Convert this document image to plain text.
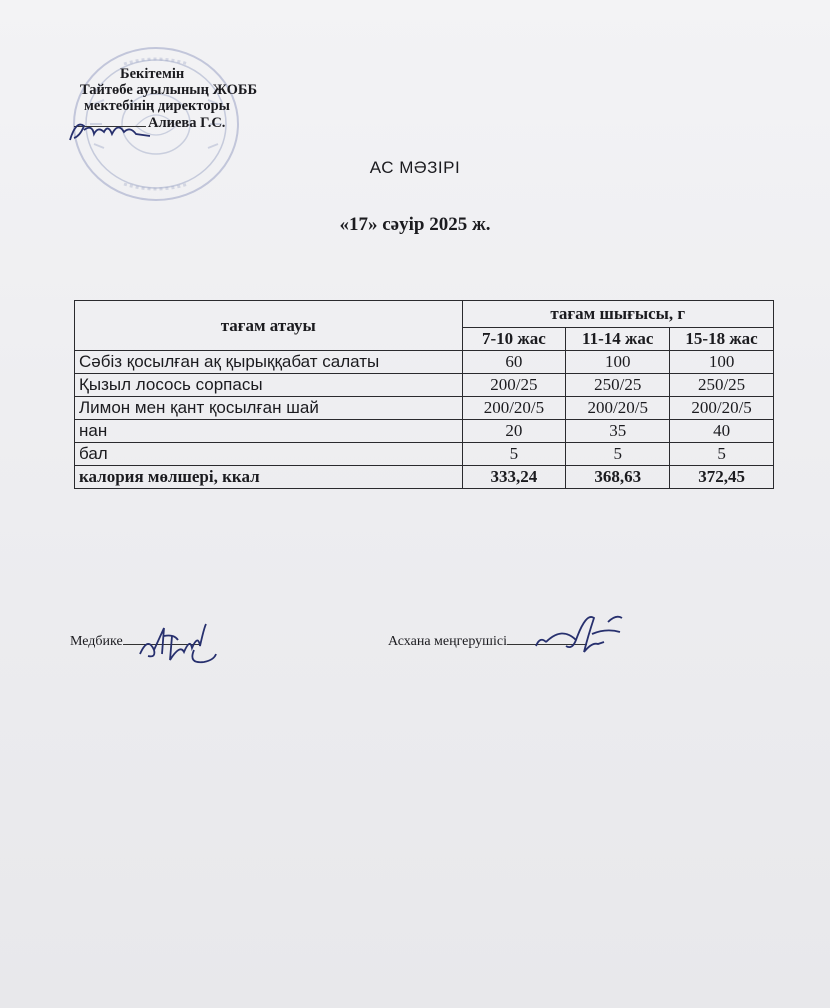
Бекітемін
Тайтөбе ауылының ЖОББ
мектебінің директоры
Алиева Г.С.
АС МӘЗІРІ
«17» сәуір 2025 ж.
тағам атауы	тағам шығысы, г		
	7-10 жас	11-14 жас	15-18 жас
Сәбіз қосылған ақ қырыққабат салаты	60	100	100
Қызыл лосось сорпасы	200/25	250/25	250/25
Лимон мен қант қосылған шай	200/20/5	200/20/5	200/20/5
нан	20	35	40
бал	5	5	5
калория мөлшері, ккал	333,24	368,63	372,45
Медбике	Асхана меңгерушісі
